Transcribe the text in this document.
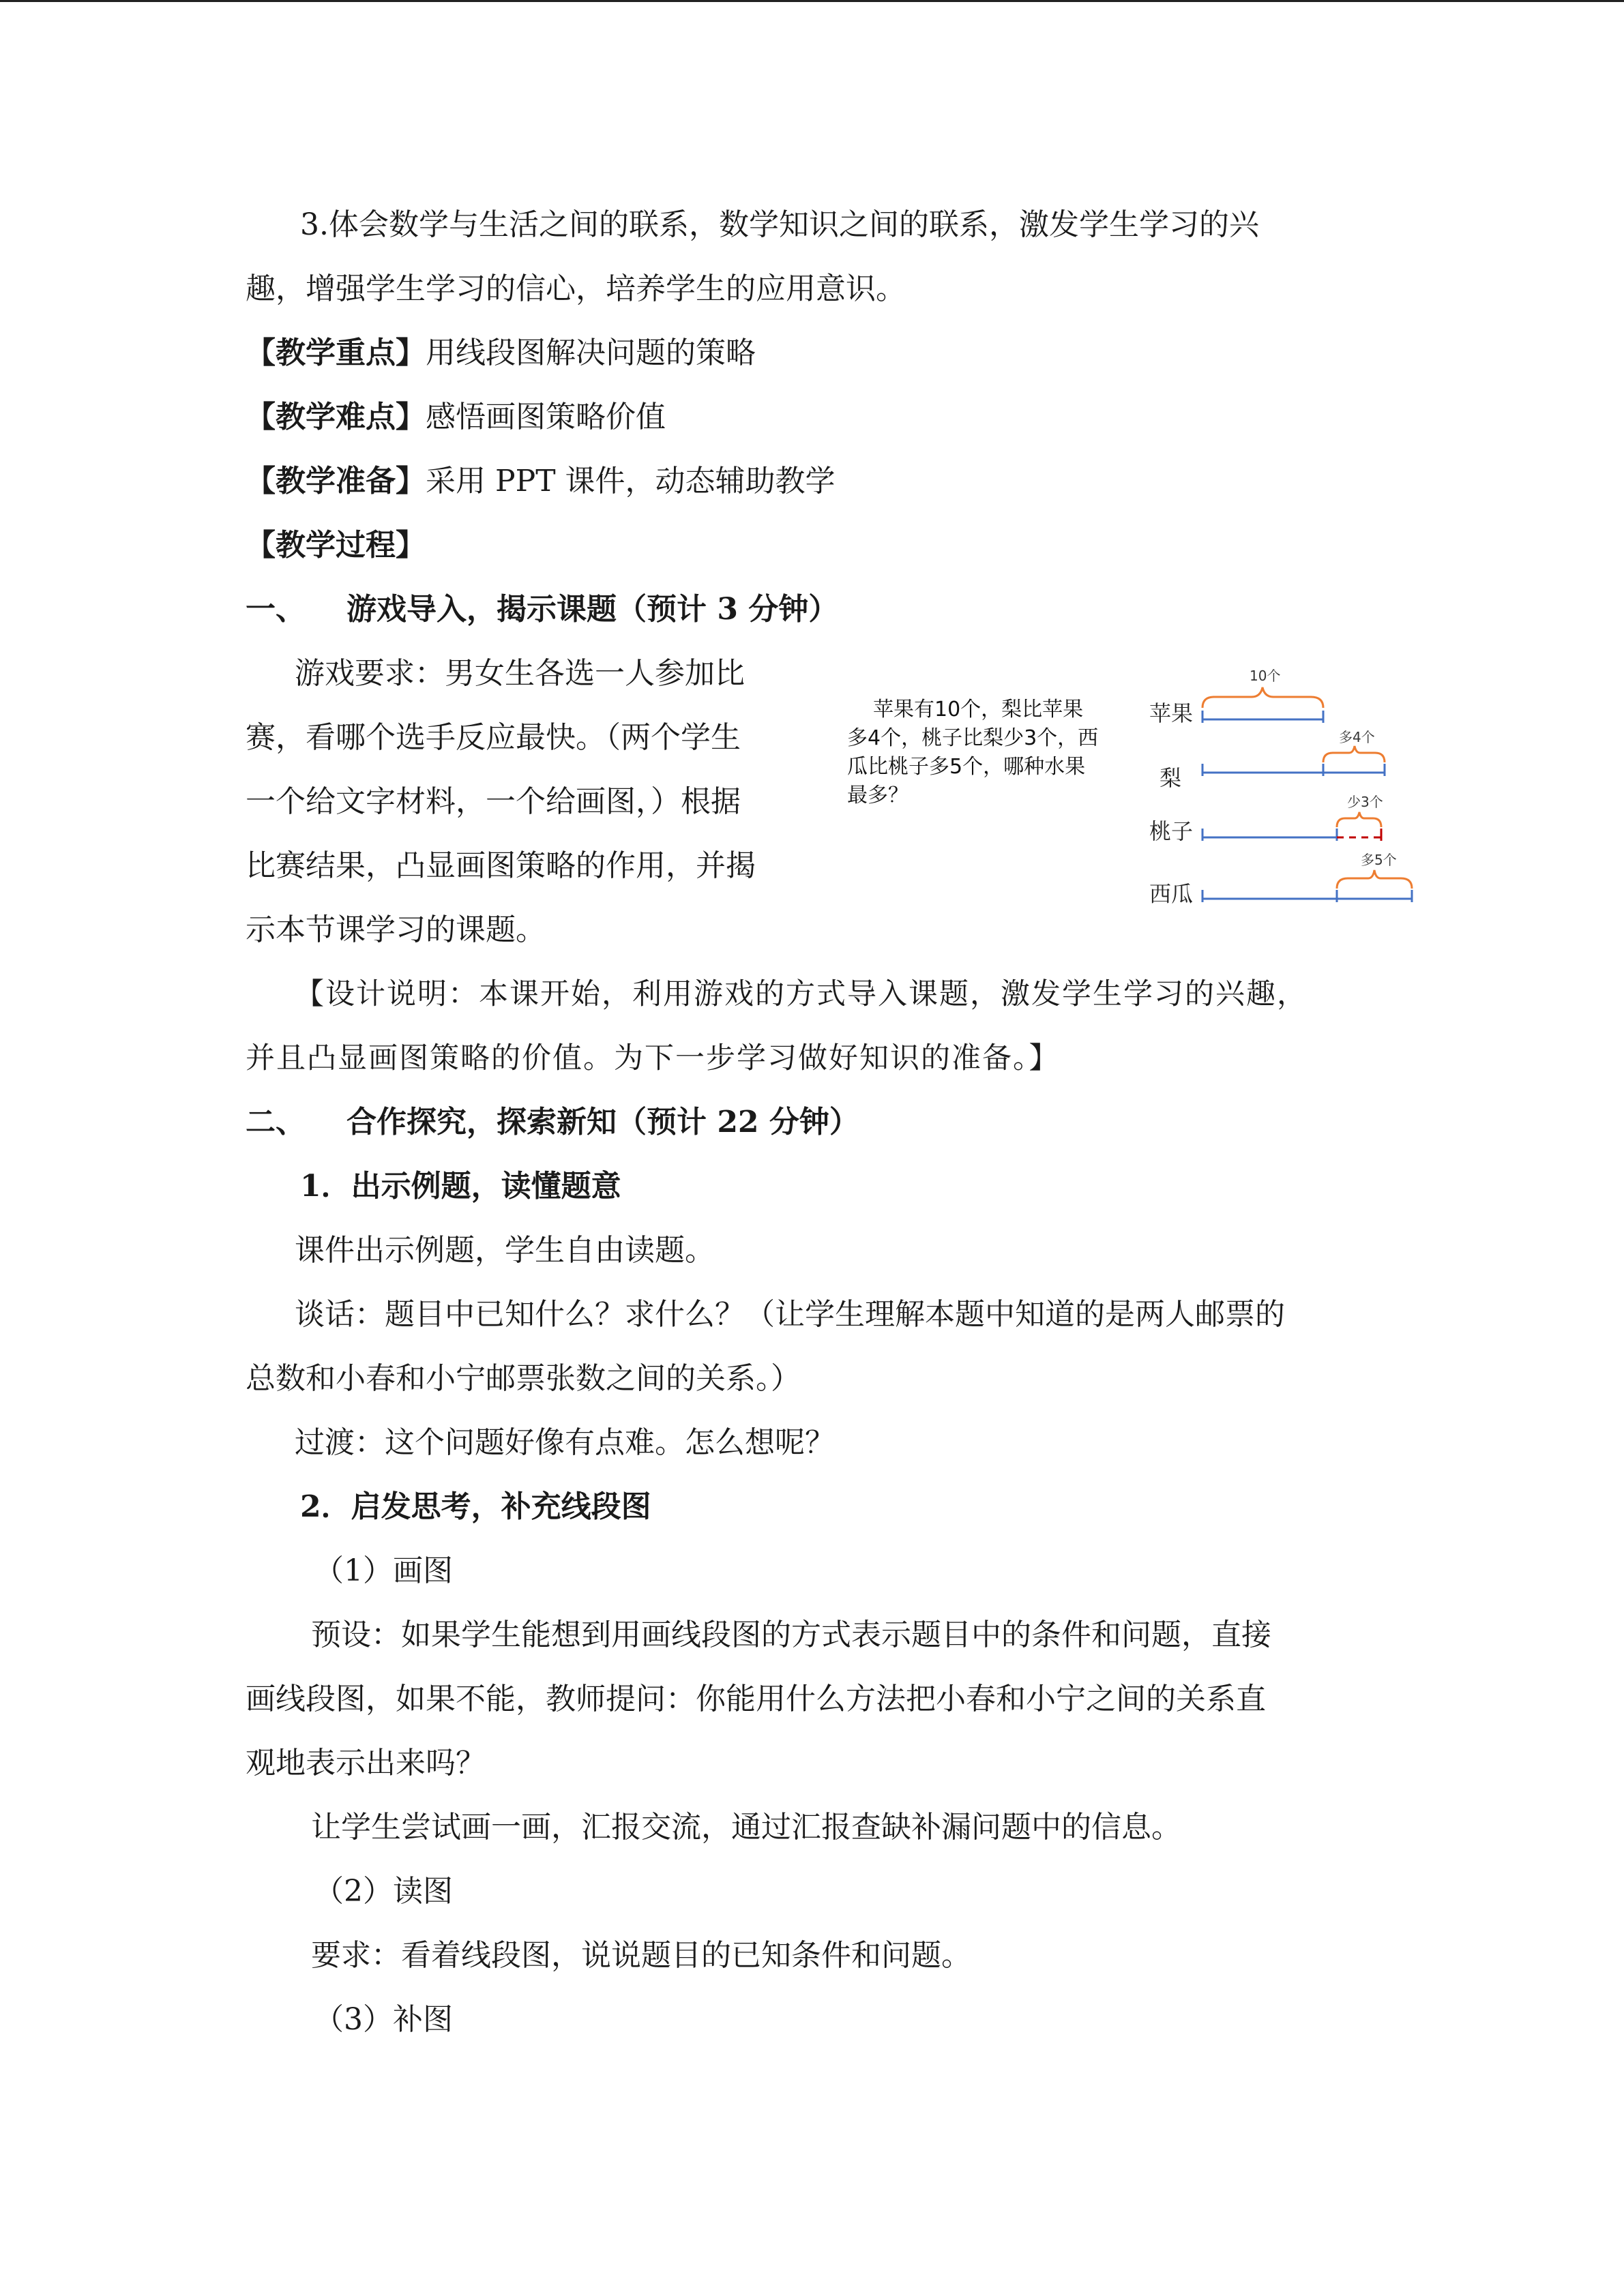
3.体会数学与生活之间的联系，数学知识之间的联系，激发学生学习的兴
趣，增强学生学习的信心，培养学生的应用意识。
【教学重点】用线段图解决问题的策略
【教学难点】感悟画图策略价值
【教学准备】采用 PPT 课件，动态辅助教学
【教学过程】
一、 游戏导入，揭示课题（预计 3 分钟）
游戏要求：男女生各选一人参加比
赛，看哪个选手反应最快。（两个学生
一个给文字材料，一个给画图，）根据
比赛结果，凸显画图策略的作用，并揭
示本节课学习的课题。
【设计说明：本课开始，利用游戏的方式导入课题，激发学生学习的兴趣，
并且凸显画图策略的价值。为下一步学习做好知识的准备。】
二、 合作探究，探索新知（预计 22 分钟）
1．出示例题，读懂题意
课件出示例题，学生自由读题。
谈话：题目中已知什么？求什么？（让学生理解本题中知道的是两人邮票的
总数和小春和小宁邮票张数之间的关系。）
过渡：这个问题好像有点难。怎么想呢？
2．启发思考，补充线段图
（1）画图
预设：如果学生能想到用画线段图的方式表示题目中的条件和问题，直接
画线段图，如果不能，教师提问：你能用什么方法把小春和小宁之间的关系直
观地表示出来吗？
让学生尝试画一画，汇报交流，通过汇报查缺补漏问题中的信息。
（2）读图
要求：看着线段图，说说题目的已知条件和问题。
（3）补图
苹果有10个，梨比苹果
多4个，桃子比梨少3个，西
瓜比桃子多5个，哪种水果
最多？
苹果
梨
桃子
西瓜
10个
多4个
少3个
多5个
